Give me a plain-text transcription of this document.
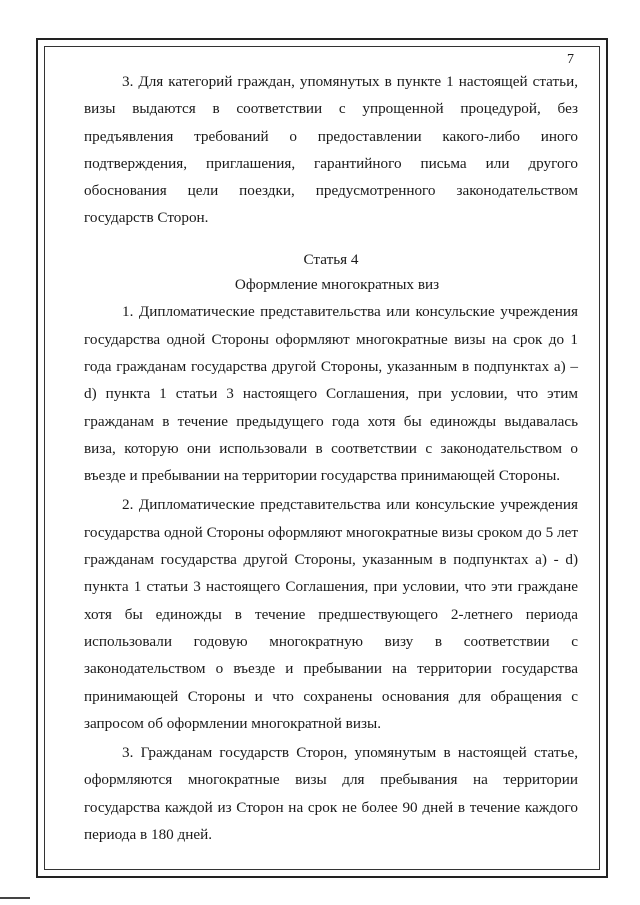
7

3. Для категорий граждан, упомянутых в пункте 1 настоящей статьи, визы выдаются в соответствии с упрощенной процедурой, без предъявления требований о предоставлении какого-либо иного подтверждения, приглашения, гарантийного письма или другого обоснования цели поездки, предусмотренного законодательством государств Сторон.

Статья 4

Оформление многократных виз

1. Дипломатические представительства или консульские учреждения государства одной Стороны оформляют многократные визы на срок до 1 года гражданам государства другой Стороны, указанным в подпунктах а) – d) пункта 1 статьи 3 настоящего Соглашения, при условии, что этим гражданам в течение предыдущего года хотя бы единожды выдавалась виза, которую они использовали в соответствии с законодательством о въезде и пребывании на территории государства принимающей Стороны.

2. Дипломатические представительства или консульские учреждения государства одной Стороны оформляют многократные визы сроком до 5 лет гражданам государства другой Стороны, указанным в подпунктах а) - d) пункта 1 статьи 3 настоящего Соглашения, при условии, что эти граждане хотя бы единожды в течение предшествующего 2-летнего периода использовали годовую многократную визу в соответствии с законодательством о въезде и пребывании на территории государства принимающей Стороны и что сохранены основания для обращения с запросом об оформлении многократной визы.

3. Гражданам государств Сторон, упомянутым в настоящей статье, оформляются многократные визы для пребывания на территории государства каждой из Сторон на срок не более 90 дней в течение каждого периода в 180 дней.
